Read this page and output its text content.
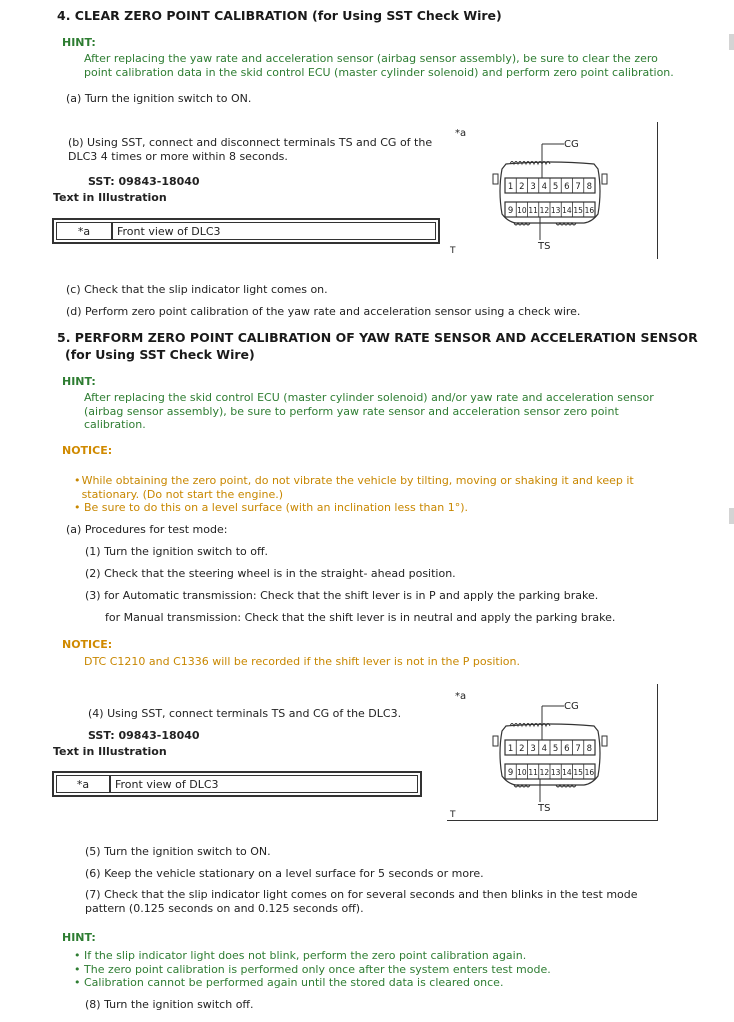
4. CLEAR ZERO POINT CALIBRATION (for Using SST Check Wire)
HINT:
After replacing the yaw rate and acceleration sensor (airbag sensor assembly), be sure to clear the zero point calibration data in the skid control ECU (master cylinder solenoid) and perform zero point calibration.
(a) Turn the ignition switch to ON.
(b) Using SST, connect and disconnect terminals TS and CG of the DLC3 4 times or more within 8 seconds.
SST: 09843-18040
Text in Illustration
*a	Front view of DLC3
*a
T
1 2 3 4 5 6 7 8
9 10 11 12 13 14 15 16
CG
TS
(c) Check that the slip indicator light comes on.
(d) Perform zero point calibration of the yaw rate and acceleration sensor using a check wire.
5. PERFORM ZERO POINT CALIBRATION OF YAW RATE SENSOR AND ACCELERATION SENSOR
(for Using SST Check Wire)
HINT:
After replacing the skid control ECU (master cylinder solenoid) and/or yaw rate and acceleration sensor (airbag sensor assembly), be sure to perform yaw rate sensor and acceleration sensor zero point calibration.
NOTICE:
• While obtaining the zero point, do not vibrate the vehicle by tilting, moving or shaking it and keep it stationary. (Do not start the engine.)
• Be sure to do this on a level surface (with an inclination less than 1°).
(a) Procedures for test mode:
(1) Turn the ignition switch to off.
(2) Check that the steering wheel is in the straight- ahead position.
(3) for Automatic transmission: Check that the shift lever is in P and apply the parking brake.
for Manual transmission: Check that the shift lever is in neutral and apply the parking brake.
NOTICE:
DTC C1210 and C1336 will be recorded if the shift lever is not in the P position.
(4) Using SST, connect terminals TS and CG of the DLC3.
SST: 09843-18040
Text in Illustration
*a	Front view of DLC3
*a
T
1 2 3 4 5 6 7 8
9 10 11 12 13 14 15 16
CG
TS
(5) Turn the ignition switch to ON.
(6) Keep the vehicle stationary on a level surface for 5 seconds or more.
(7) Check that the slip indicator light comes on for several seconds and then blinks in the test mode pattern (0.125 seconds on and 0.125 seconds off).
HINT:
• If the slip indicator light does not blink, perform the zero point calibration again.
• The zero point calibration is performed only once after the system enters test mode.
• Calibration cannot be performed again until the stored data is cleared once.
(8) Turn the ignition switch off.
